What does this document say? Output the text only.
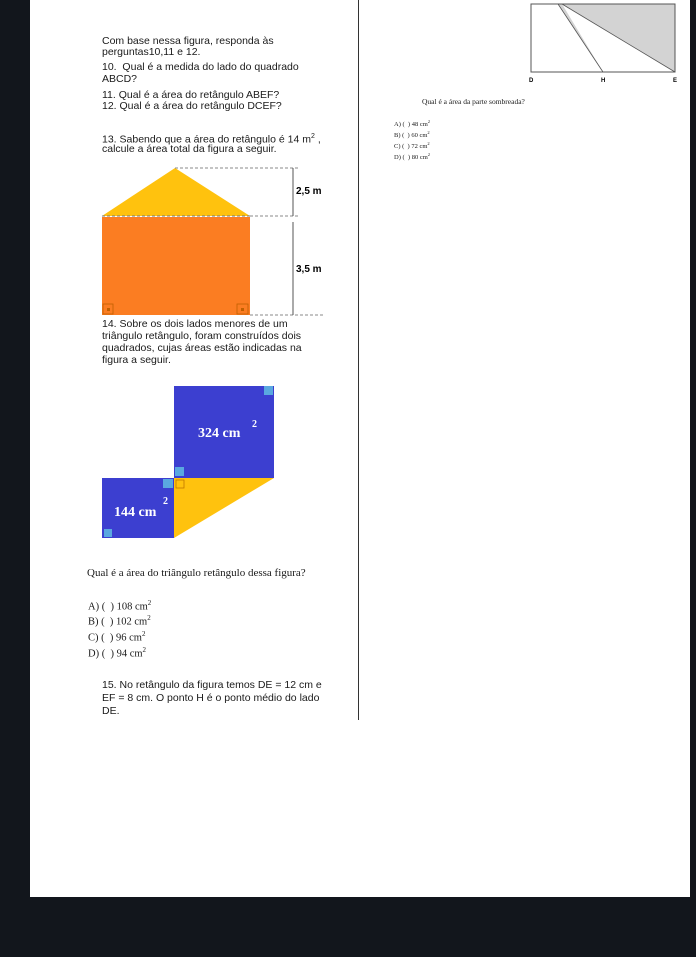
Com base nessa figura, responda às
perguntas10,11 e 12.
10.  Qual é a medida do lado do quadrado
ABCD?
11. Qual é a área do retângulo ABEF?
12. Qual é a área do retângulo DCEF?
13. Sabendo que a área do retângulo é 14 $m^2$ ,
calcule a área total da figura a seguir.
2,5 m
3,5 m
14. Sobre os dois lados menores de um
triângulo retângulo, foram construídos dois
quadrados, cujas áreas estão indicadas na
figura a seguir.
324 cm
2
144 cm
2
Qual é a área do triângulo retângulo dessa figura?
A) (  ) 108 $cm^2$
B) (  ) 102 $cm^2$
C) (  ) 96 $cm^2$
D) (  ) 94 $cm^2$
15. No retângulo da figura temos DE = 12 cm e
EF = 8 cm. O ponto H é o ponto médio do lado
DE.
D	H	E
Qual é a área da parte sombreada?
A) (  ) 48 $cm^2$
B) (  ) 60 $cm^2$
C) (  ) 72 $cm^2$
D) (  ) 80 $cm^2$
